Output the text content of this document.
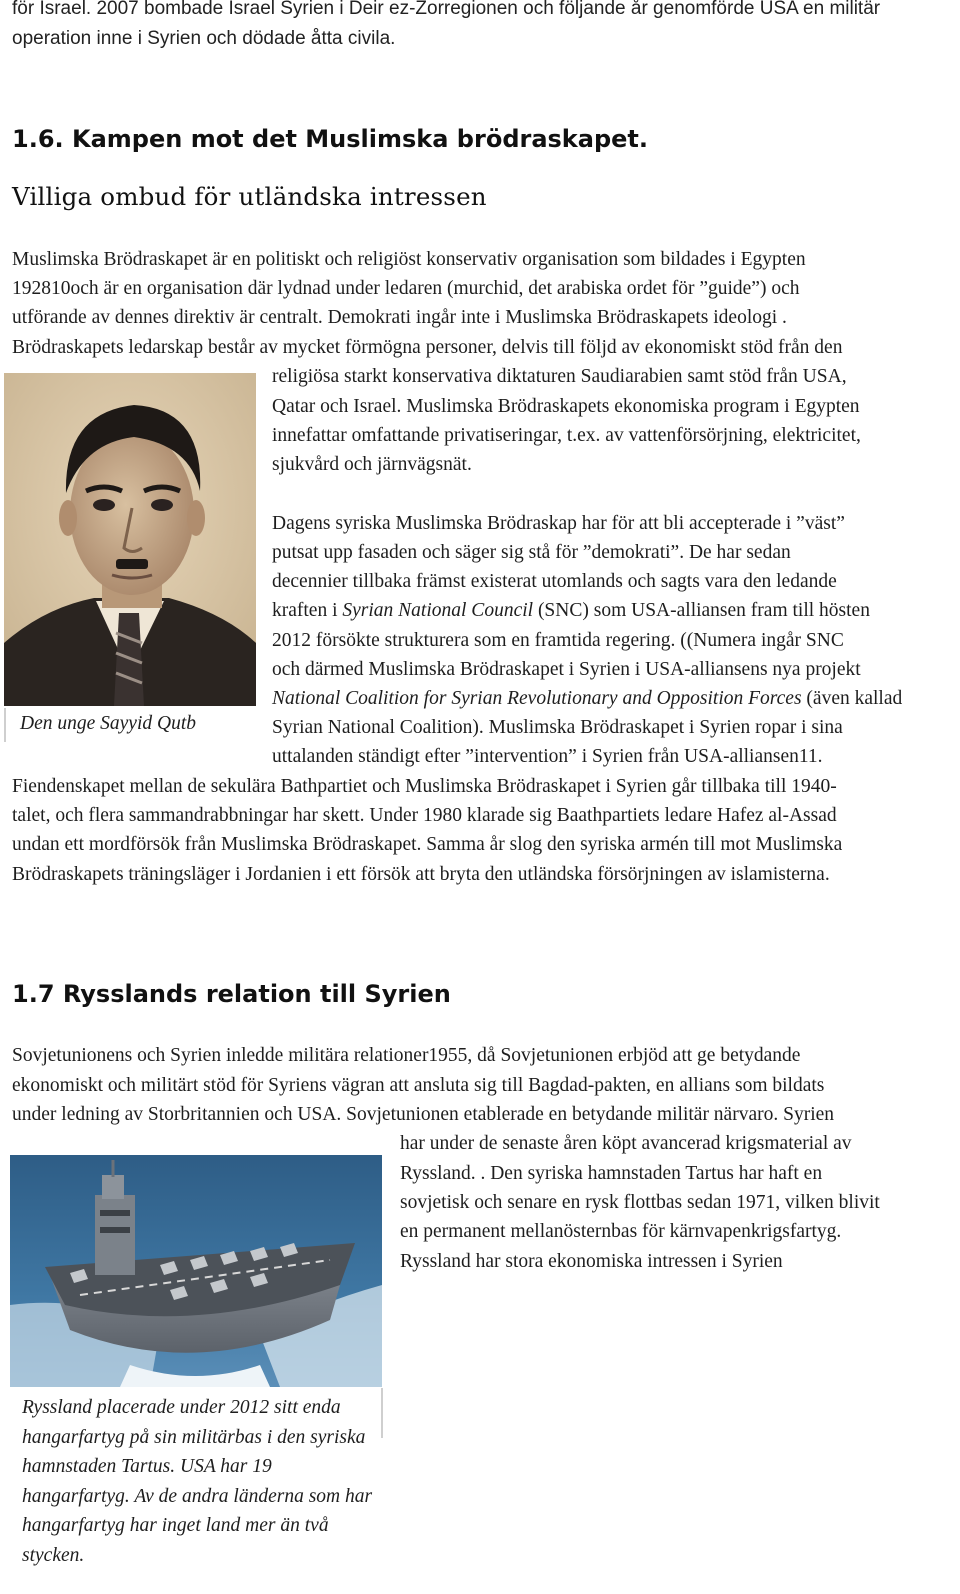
för Israel. 2007 bombade Israel Syrien i Deir ez-Zorregionen och följande år genomförde USA en militär
operation inne i Syrien och dödade åtta civila.
1.6. Kampen mot det Muslimska brödraskapet.
Villiga ombud för utländska intressen
Muslimska Brödraskapet är en politiskt och religiöst konservativ organisation som bildades i Egypten
192810och är en organisation där lydnad under ledaren (murchid, det arabiska ordet för ”guide”) och
utförande av dennes direktiv är centralt. Demokrati ingår inte i Muslimska Brödraskapets ideologi .
Brödraskapets ledarskap består av mycket förmögna personer, delvis till följd av ekonomiskt stöd från den
religiösa starkt konservativa diktaturen Saudiarabien samt stöd från USA,
Qatar och Israel. Muslimska Brödraskapets ekonomiska program i Egypten
innefattar omfattande privatiseringar, t.ex. av vattenförsörjning, elektricitet,
sjukvård och järnvägsnät.
Dagens syriska Muslimska Brödraskap har för att bli accepterade i ”väst”
putsat upp fasaden och säger sig stå för ”demokrati”. De har sedan
decennier tillbaka främst existerat utomlands och sagts vara den ledande
kraften i Syrian National Council (SNC) som USA-alliansen fram till hösten
2012 försökte strukturera som en framtida regering. ((Numera ingår SNC
och därmed Muslimska Brödraskapet i Syrien i USA-alliansens nya projekt
National Coalition for Syrian Revolutionary and Opposition Forces (även kallad
Syrian National Coalition). Muslimska Brödraskapet i Syrien ropar i sina
uttalanden ständigt efter ”intervention” i Syrien från USA-alliansen11.
Den unge Sayyid Qutb
Fiendenskapet mellan de sekulära Bathpartiet och Muslimska Brödraskapet i Syrien går tillbaka till 1940-
talet, och flera sammandrabbningar har skett. Under 1980 klarade sig Baathpartiets ledare Hafez al-Assad
undan ett mordförsök från Muslimska Brödraskapet. Samma år slog den syriska armén till mot Muslimska
Brödraskapets träningsläger i Jordanien i ett försök att bryta den utländska försörjningen av islamisterna.
1.7 Rysslands relation till Syrien
Sovjetunionens och Syrien inledde militära relationer1955, då Sovjetunionen erbjöd att ge betydande
ekonomiskt och militärt stöd för Syriens vägran att ansluta sig till Bagdad-pakten, en allians som bildats
under ledning av Storbritannien och USA. Sovjetunionen etablerade en betydande militär närvaro. Syrien
har under de senaste åren köpt avancerad krigsmaterial av
Ryssland. . Den syriska hamnstaden Tartus har haft en
sovjetisk och senare en rysk flottbas sedan 1971, vilken blivit
en permanent mellanösternbas för kärnvapenkrigsfartyg.
Ryssland har stora ekonomiska intressen i Syrien
Ryssland placerade under 2012 sitt enda
hangarfartyg på sin militärbas i den syriska
hamnstaden Tartus. USA har 19
hangarfartyg. Av de andra länderna som har
hangarfartyg har inget land mer än två
stycken.
